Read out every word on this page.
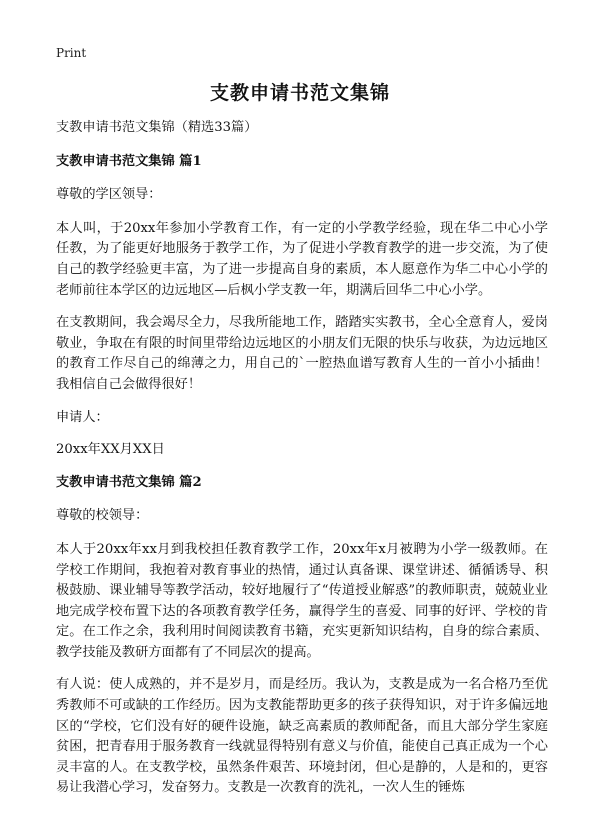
Print
支教申请书范文集锦

支教申请书范文集锦（精选33篇）

支教申请书范文集锦 篇1

尊敬的学区领导：

本人叫，于20xx年参加小学教育工作，有一定的小学教学经验，现在华二中心小学任教，为了能更好地服务于教学工作，为了促进小学教育教学的进一步交流，为了使自己的教学经验更丰富，为了进一步提高自身的素质，本人愿意作为华二中心小学的老师前往本学区的边远地区—后枫小学支教一年，期满后回华二中心小学。

在支教期间，我会竭尽全力，尽我所能地工作，踏踏实实教书，全心全意育人，爱岗敬业，争取在有限的时间里带给边远地区的小朋友们无限的快乐与收获，为边远地区的教育工作尽自己的绵薄之力，用自己的`一腔热血谱写教育人生的一首小小插曲！我相信自己会做得很好！

申请人：

20xx年XX月XX日

支教申请书范文集锦 篇2

尊敬的校领导：

本人于20xx年xx月到我校担任教育教学工作，20xx年x月被聘为小学一级教师。在学校工作期间，我抱着对教育事业的热情，通过认真备课、课堂讲述、循循诱导、积极鼓励、课业辅导等教学活动，较好地履行了“传道授业解惑”的教师职责，兢兢业业地完成学校布置下达的各项教育教学任务，赢得学生的喜爱、同事的好评、学校的肯定。在工作之余，我利用时间阅读教育书籍，充实更新知识结构，自身的综合素质、教学技能及教研方面都有了不同层次的提高。

有人说：使人成熟的，并不是岁月，而是经历。我认为，支教是成为一名合格乃至优秀教师不可或缺的工作经历。因为支教能帮助更多的孩子获得知识，对于许多偏远地区的“学校，它们没有好的硬件设施，缺乏高素质的教师配备，而且大部分学生家庭贫困，把青春用于服务教育一线就显得特别有意义与价值，能使自己真正成为一个心灵丰富的人。在支教学校，虽然条件艰苦、环境封闭，但心是静的，人是和的，更容易让我潜心学习，发奋努力。支教是一次教育的洗礼，一次人生的锤炼
